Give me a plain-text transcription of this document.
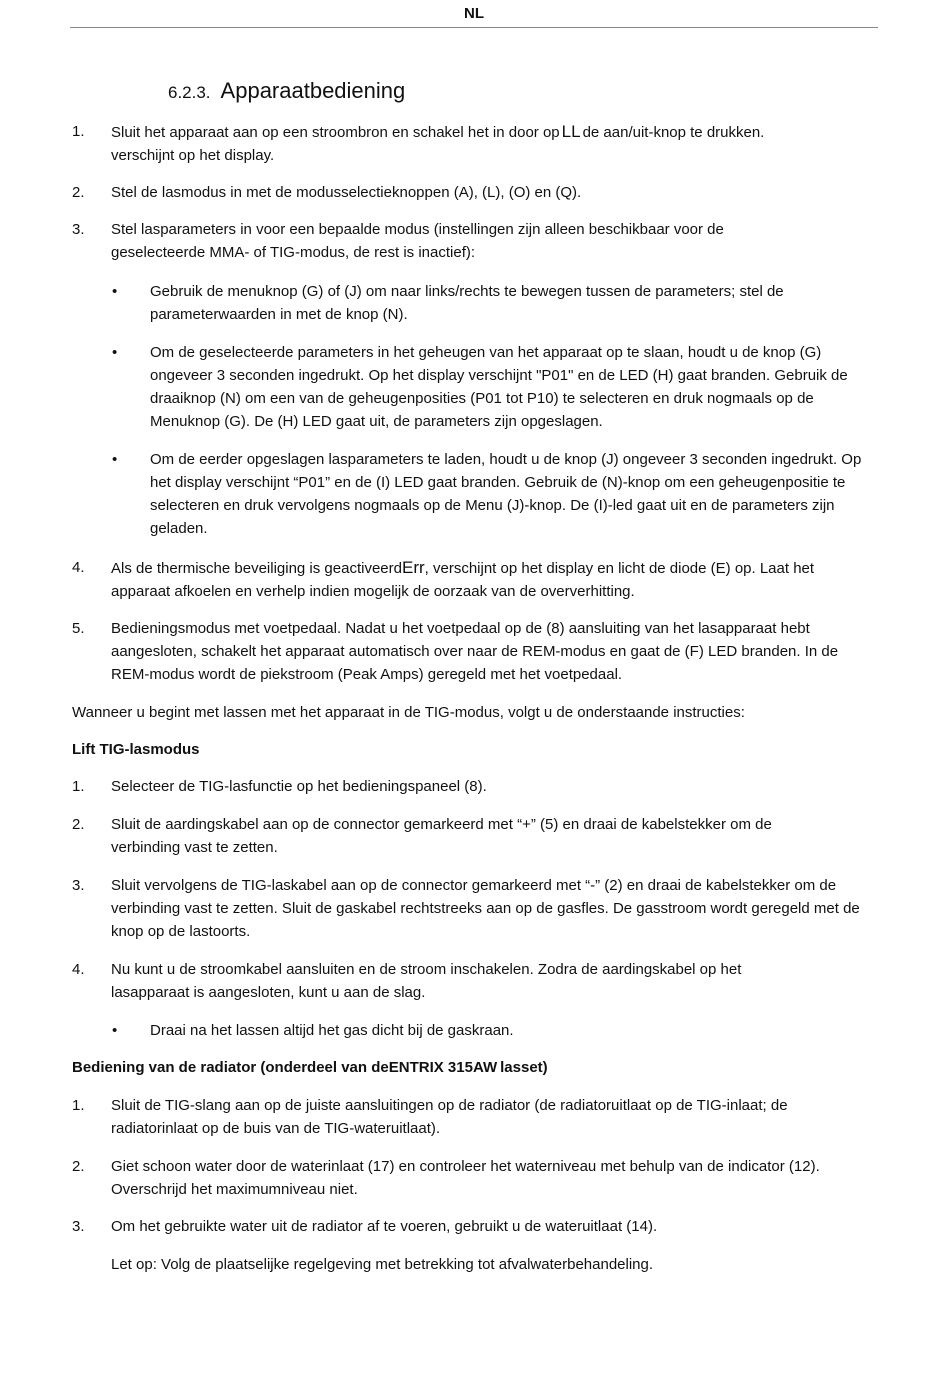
NL
6.2.3. Apparaatbediening
1. Sluit het apparaat aan op een stroombron en schakel het in door op LL de aan/uit-knop te drukken.
verschijnt op het display.
2. Stel de lasmodus in met de modusselectieknoppen (A), (L), (O) en (Q).
3. Stel lasparameters in voor een bepaalde modus (instellingen zijn alleen beschikbaar voor de geselecteerde MMA- of TIG-modus, de rest is inactief):
• Gebruik de menuknop (G) of (J) om naar links/rechts te bewegen tussen de parameters; stel de parameterwaarden in met de knop (N).
• Om de geselecteerde parameters in het geheugen van het apparaat op te slaan, houdt u de knop (G) ongeveer 3 seconden ingedrukt. Op het display verschijnt "P01" en de LED (H) gaat branden. Gebruik de draaiknop (N) om een van de geheugenposities (P01 tot P10) te selecteren en druk nogmaals op de Menuknop (G). De (H) LED gaat uit, de parameters zijn opgeslagen.
• Om de eerder opgeslagen lasparameters te laden, houdt u de knop (J) ongeveer 3 seconden ingedrukt. Op het display verschijnt “P01” en de (I) LED gaat branden. Gebruik de (N)-knop om een geheugenpositie te selecteren en druk vervolgens nogmaals op de Menu (J)-knop. De (I)-led gaat uit en de parameters zijn geladen.
4. Als de thermische beveiliging is geactiveerdErr, verschijnt op het display en licht de diode (E) op. Laat het
apparaat afkoelen en verhelp indien mogelijk de oorzaak van de oververhitting.
5. Bedieningsmodus met voetpedaal. Nadat u het voetpedaal op de (8) aansluiting van het lasapparaat hebt aangesloten, schakelt het apparaat automatisch over naar de REM-modus en gaat de (F) LED branden. In de REM-modus wordt de piekstroom (Peak Amps) geregeld met het voetpedaal.
Wanneer u begint met lassen met het apparaat in de TIG-modus, volgt u de onderstaande instructies:
Lift TIG-lasmodus
1. Selecteer de TIG-lasfunctie op het bedieningspaneel (8).
2. Sluit de aardingskabel aan op de connector gemarkeerd met “+” (5) en draai de kabelstekker om de verbinding vast te zetten.
3. Sluit vervolgens de TIG-laskabel aan op de connector gemarkeerd met “-” (2) en draai de kabelstekker om de verbinding vast te zetten. Sluit de gaskabel rechtstreeks aan op de gasfles. De gasstroom wordt geregeld met de knop op de lastoorts.
4. Nu kunt u de stroomkabel aansluiten en de stroom inschakelen. Zodra de aardingskabel op het lasapparaat is aangesloten, kunt u aan de slag.
• Draai na het lassen altijd het gas dicht bij de gaskraan.
Bediening van de radiator (onderdeel van deENTRIX 315AW lasset)
1. Sluit de TIG-slang aan op de juiste aansluitingen op de radiator (de radiatoruitlaat op de TIG-inlaat; de radiatorinlaat op de buis van de TIG-wateruitlaat).
2. Giet schoon water door de waterinlaat (17) en controleer het waterniveau met behulp van de indicator (12). Overschrijd het maximumniveau niet.
3. Om het gebruikte water uit de radiator af te voeren, gebruikt u de wateruitlaat (14).
Let op: Volg de plaatselijke regelgeving met betrekking tot afvalwaterbehandeling.
